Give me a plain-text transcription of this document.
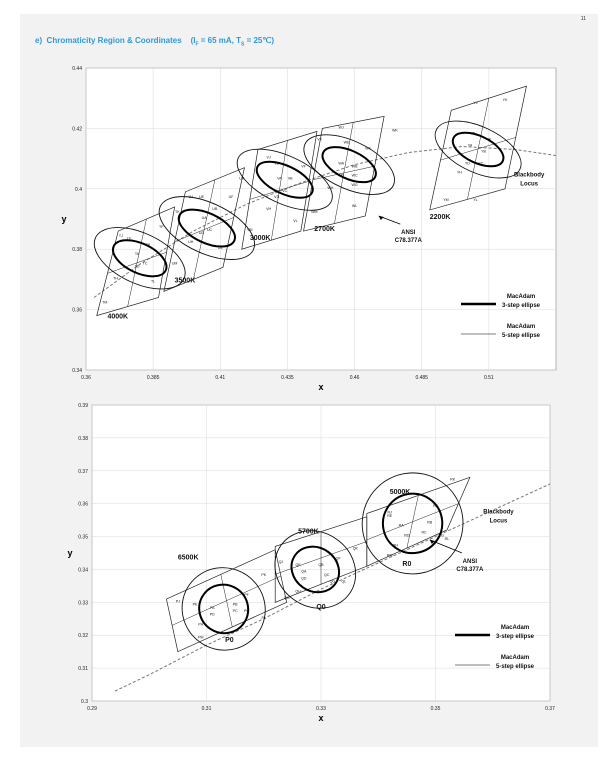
11
e)  Chromaticity Region & Coordinates    ($I_F = 65$ mA, $T_S$ = 25℃)
0.36	0.385	0.41	0.435	0.46	0.485	0.51
0.34
0.36
0.38
0.4
0.42
0.44
x
y
TM
TH
TL
TF
TK
TJ
TE
TB
TA
TC
TD
4000K
UM
UH
UL
UJ UE	UF
UK
UA
UB
UC
UD
3500K
VM
VH
VL
VJ
VE
VF
VK
VA VB
VC
VD
3000K
WM
WH
WL
WJ
WE
WF
WK
WA
WB
WC
WD
WG
2700K
YM	YL
YH
YJ
YK
YE
YF
YA
YB
YC
YD
2200K
Blackbody
Locus
ANSI
C78.377A
MacAdam
3-step ellipse
MacAdam
5-step ellipse
0.29	0.31	0.33	0.35	0.37
0.3
0.31
0.32
0.33
0.34
0.35
0.36
0.37
0.38
0.39
x
y
PM
PH
PJ
PE
PA
PD
PB
PC PG
PF
PK
PL
6500K
QM
QH
QJ
QE
QA
QD
QB
QC
QG
QF
QK
QL
5700K
RM
RH
RJ
RE
RA
RD
RB
RC
RG
RF
RK
RL
5000K
P0
Q0
R0
Blackbody
Locus
ANSI
C78.377A
MacAdam
3-step ellipse
MacAdam
5-step ellipse
